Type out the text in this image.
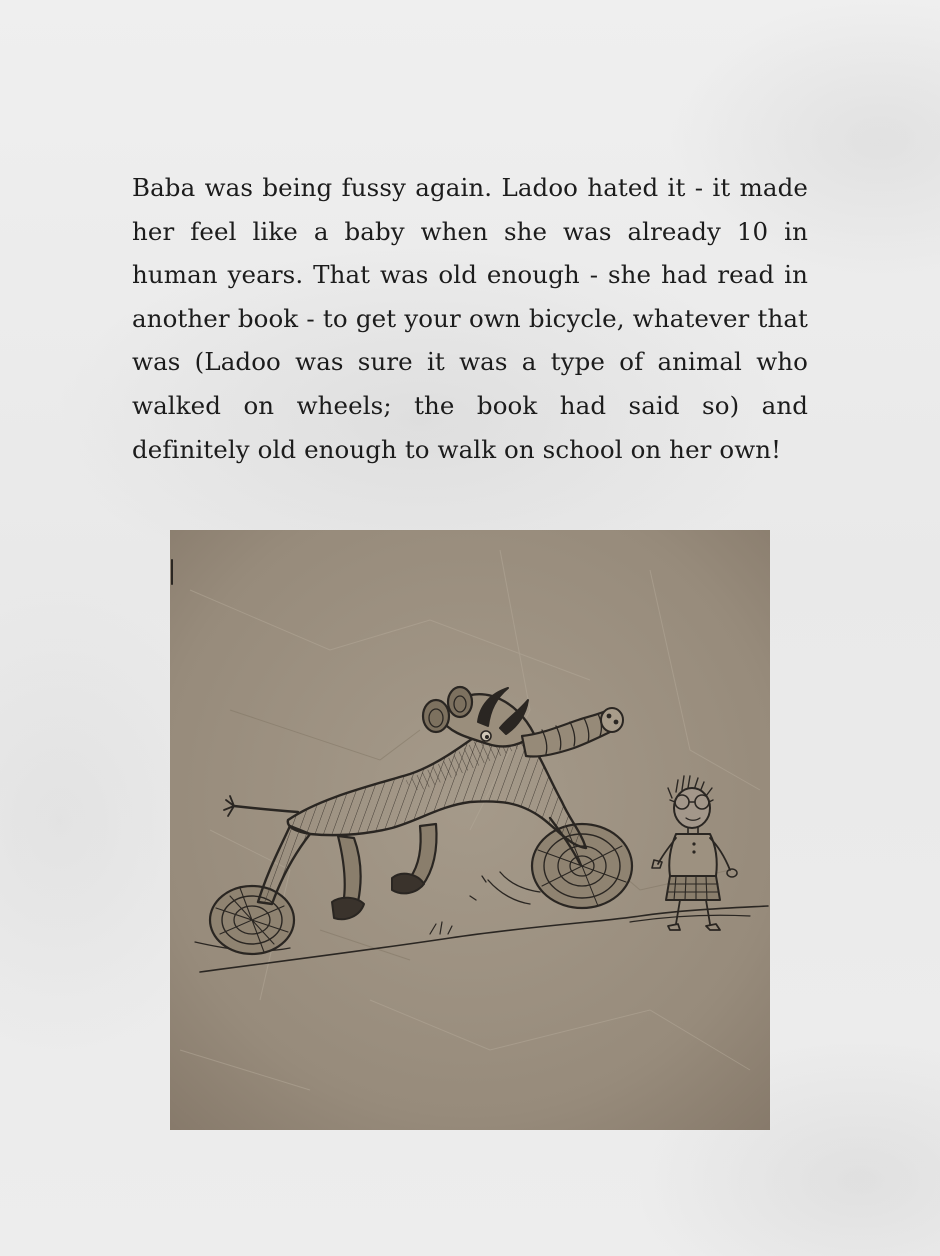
Baba was being fussy again. Ladoo hated it - it made her feel like a baby when she was already 10 in human years. That was old enough - she had read in another book - to get your own bicycle, whatever that was (Ladoo was sure it was a type of animal who walked on wheels; the book had said so) and definitely old enough to walk on school on her own!
